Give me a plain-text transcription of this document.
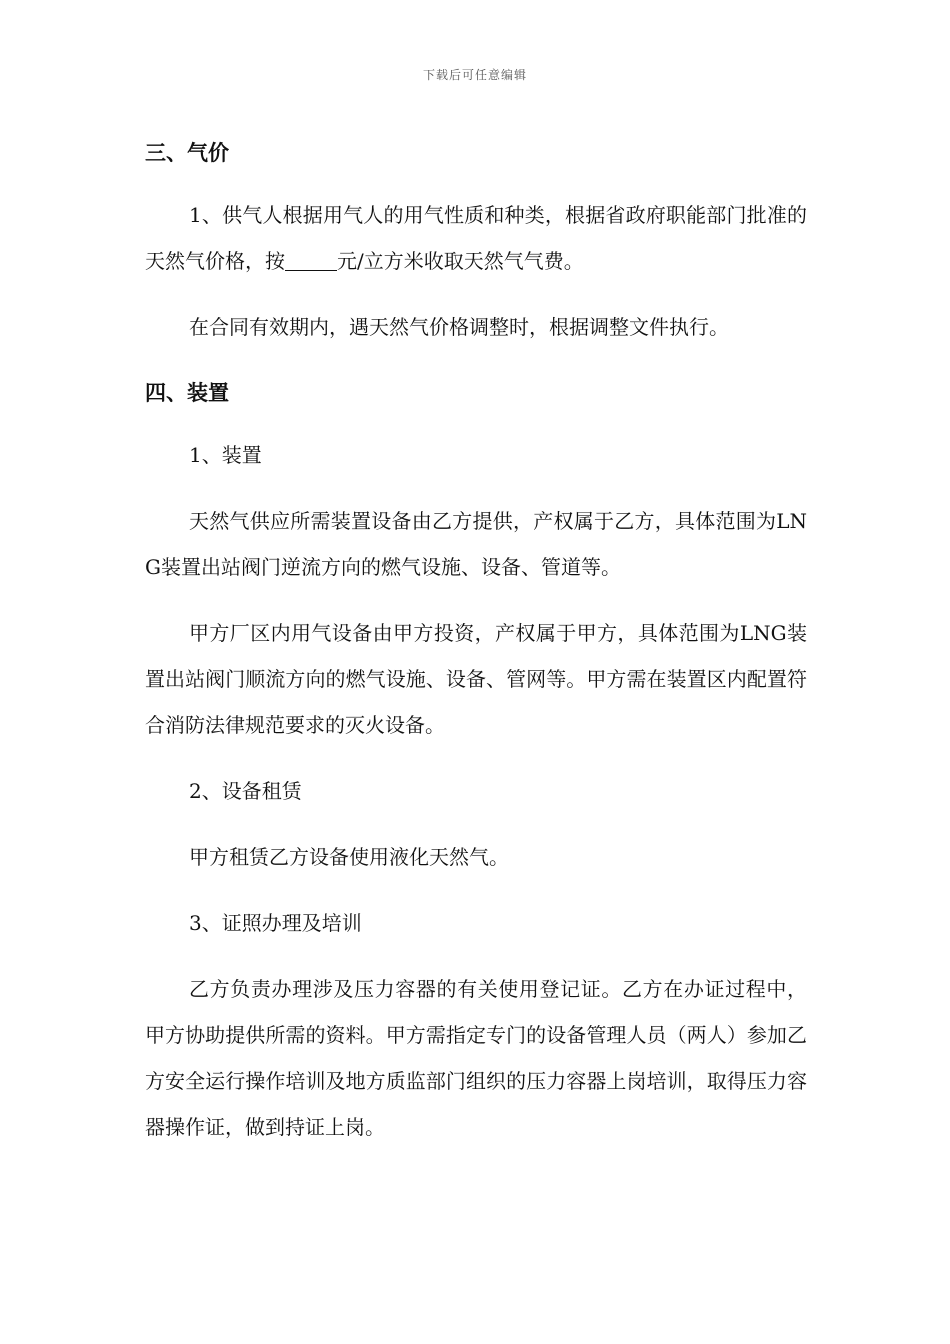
下载后可任意编辑
三、气价

1、供气人根据用气人的用气性质和种类，根据省政府职能部门批准的天然气价格，按	元/立方米收取天然气气费。

在合同有效期内，遇天然气价格调整时，根据调整文件执行。

四、装置

1、装置

天然气供应所需装置设备由乙方提供，产权属于乙方，具体范围为LNG装置出站阀门逆流方向的燃气设施、设备、管道等。

甲方厂区内用气设备由甲方投资，产权属于甲方，具体范围为LNG装置出站阀门顺流方向的燃气设施、设备、管网等。甲方需在装置区内配置符合消防法律规范要求的灭火设备。

2、设备租赁

甲方租赁乙方设备使用液化天然气。

3、证照办理及培训

乙方负责办理涉及压力容器的有关使用登记证。乙方在办证过程中，甲方协助提供所需的资料。甲方需指定专门的设备管理人员（两人）参加乙方安全运行操作培训及地方质监部门组织的压力容器上岗培训，取得压力容器操作证，做到持证上岗。
